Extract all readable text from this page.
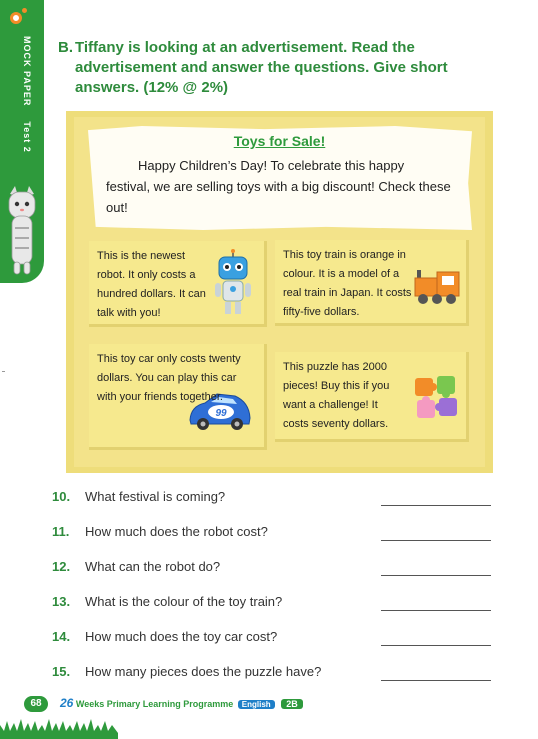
MOCK PAPER  Test 2
B. Tiffany is looking at an advertisement. Read the advertisement and answer the questions. Give short answers. (12% @ 2%)
Toys for Sale!
Happy Children’s Day! To celebrate this happy festival, we are selling toys with a big discount! Check these out!
This is the newest robot. It only costs a hundred dollars. It can talk with you!
This toy train is orange in colour. It is a model of a real train in Japan. It costs fifty-five dollars.
This toy car only costs twenty dollars. You can play this car with your friends together.
99
This puzzle has 2000 pieces! Buy this if you want a challenge! It costs seventy dollars.
10. What festival is coming?
11. How much does the robot cost?
12. What can the robot do?
13. What is the colour of the toy train?
14. How much does the toy car cost?
15. How many pieces does the puzzle have?
68	26 Weeks Primary Learning Programme English 2B
